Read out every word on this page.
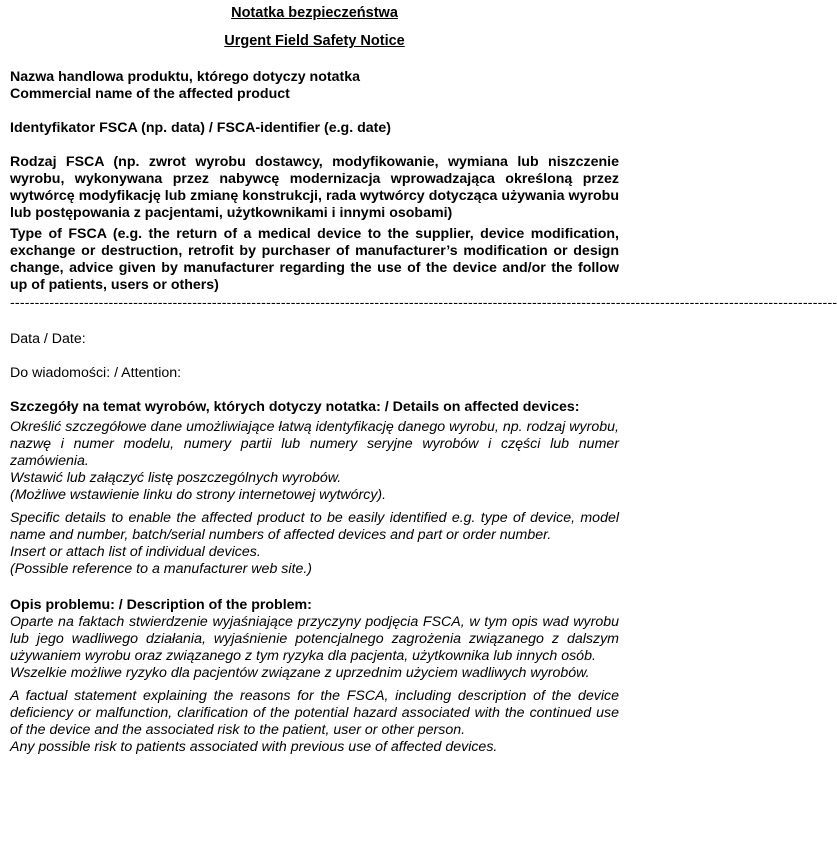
Notatka bezpieczeństwa
Urgent Field Safety Notice

Nazwa handlowa produktu, którego dotyczy notatka

Commercial name of the affected product

Identyfikator FSCA (np. data) / FSCA-identifier (e.g. date)

Rodzaj FSCA (np. zwrot wyrobu dostawcy, modyfikowanie, wymiana lub niszczenie wyrobu, wykonywana przez nabywcę modernizacja wprowadzająca określoną przez wytwórcę modyfikację lub zmianę konstrukcji, rada wytwórcy dotycząca używania wyrobu lub postępowania z pacjentami, użytkownikami i innymi osobami)

Type of FSCA (e.g. the return of a medical device to the supplier, device modification, exchange or destruction, retrofit by purchaser of manufacturer’s modification or design change, advice given by manufacturer regarding the use of the device and/or the follow up of patients, users or others)

------------------------------------------------------------------------------------------------------------------------------------------------------------------------

Data / Date:

Do wiadomości: / Attention:

Szczegóły na temat wyrobów, których dotyczy notatka: / Details on affected devices:

Określić szczegółowe dane umożliwiające łatwą identyfikację danego wyrobu, np. rodzaj wyrobu, nazwę i numer modelu, numery partii lub numery seryjne wyrobów i części lub numer zamówienia.

Wstawić lub załączyć listę poszczególnych wyrobów.

(Możliwe wstawienie linku do strony internetowej wytwórcy).

Specific details to enable the affected product to be easily identified e.g. type of device, model name and number, batch/serial numbers of affected devices and part or order number.

Insert or attach list of individual devices.

(Possible reference to a manufacturer web site.)

Opis problemu: / Description of the problem:

Oparte na faktach stwierdzenie wyjaśniające przyczyny podjęcia FSCA, w tym opis wad wyrobu lub jego wadliwego działania, wyjaśnienie potencjalnego zagrożenia związanego z dalszym używaniem wyrobu oraz związanego z tym ryzyka dla pacjenta, użytkownika lub innych osób.

Wszelkie możliwe ryzyko dla pacjentów związane z uprzednim użyciem wadliwych wyrobów.

A factual statement explaining the reasons for the FSCA, including description of the device deficiency or malfunction, clarification of the potential hazard associated with the continued use of the device and the associated risk to the patient, user or other person.

Any possible risk to patients associated with previous use of affected devices.
